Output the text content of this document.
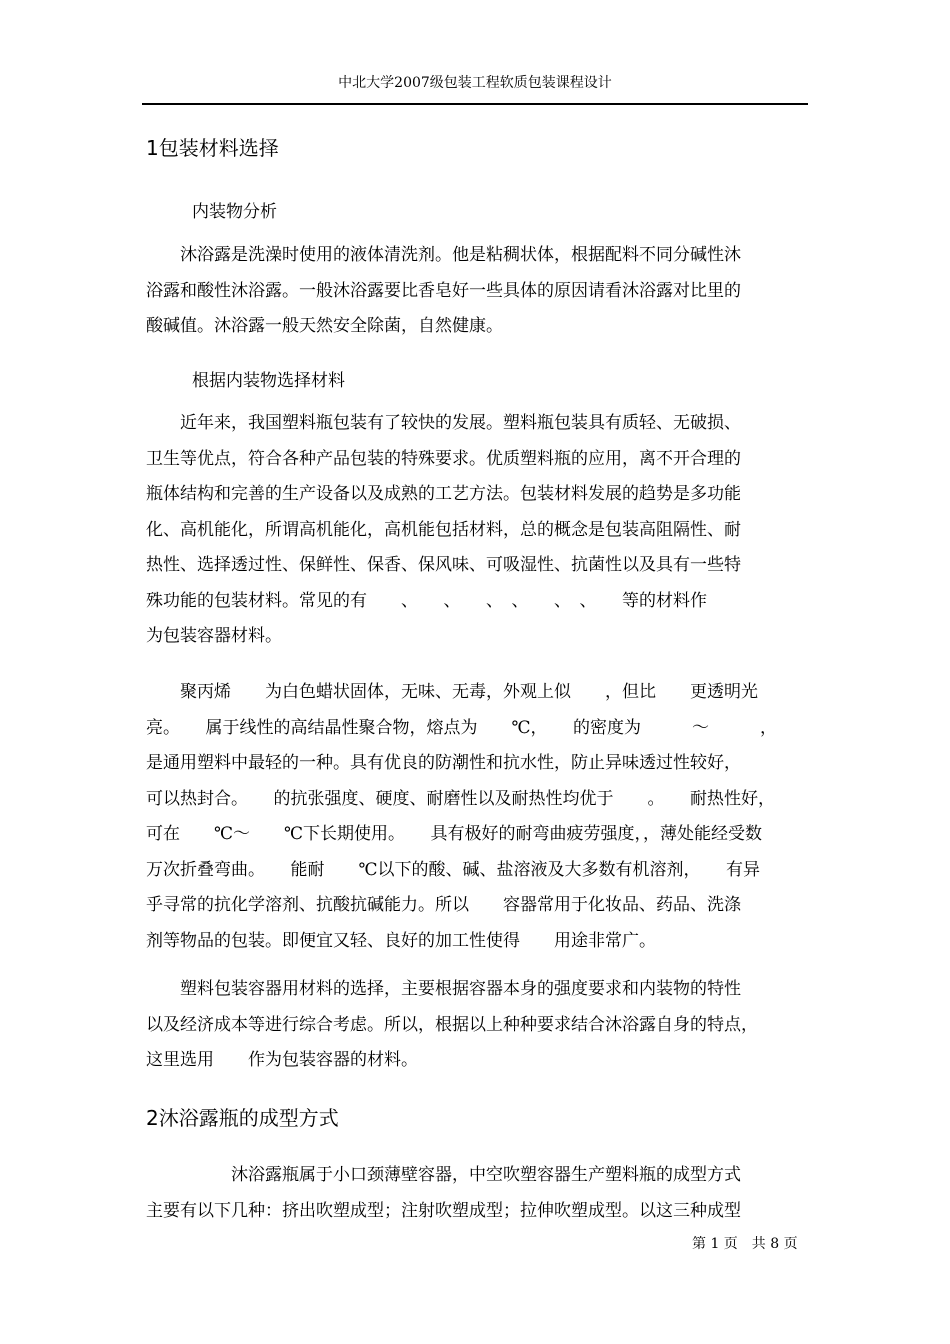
中北大学2007级包装工程软质包装课程设计
1包装材料选择
内装物分析
　　沐浴露是洗澡时使用的液体清洗剂。他是粘稠状体，根据配料不同分碱性沐
浴露和酸性沐浴露。一般沐浴露要比香皂好一些具体的原因请看沐浴露对比里的
酸碱值。沐浴露一般天然安全除菌，自然健康。
根据内装物选择材料
　　近年来，我国塑料瓶包装有了较快的发展。塑料瓶包装具有质轻、无破损、
卫生等优点，符合各种产品包装的特殊要求。优质塑料瓶的应用，离不开合理的
瓶体结构和完善的生产设备以及成熟的工艺方法。包装材料发展的趋势是多功能
化、高机能化，所谓高机能化，高机能包括材料，总的概念是包装高阻隔性、耐
热性、选择透过性、保鲜性、保香、保风味、可吸湿性、抗菌性以及具有一些特
殊功能的包装材料。常见的有　　、　　、　　、　、　　、　、　　等的材料作
为包装容器材料。
　　聚丙烯　　为白色蜡状固体，无味、无毒，外观上似　　，但比　　更透明光
亮。　　属于线性的高结晶性聚合物，熔点为　　℃，　　的密度为　　　～　　　，
是通用塑料中最轻的一种。具有优良的防潮性和抗水性，防止异味透过性较好，
可以热封合。　　的抗张强度、硬度、耐磨性以及耐热性均优于　　。　　耐热性好，
可在　　℃～　　℃下长期使用。　　具有极好的耐弯曲疲劳强度，，薄处能经受数
万次折叠弯曲。　　能耐　　℃以下的酸、碱、盐溶液及大多数有机溶剂，　　有异
乎寻常的抗化学溶剂、抗酸抗碱能力。所以　　容器常用于化妆品、药品、洗涤
剂等物品的包装。即便宜又轻、良好的加工性使得　　用途非常广。
　　塑料包装容器用材料的选择，主要根据容器本身的强度要求和内装物的特性
以及经济成本等进行综合考虑。所以，根据以上种种要求结合沐浴露自身的特点，
这里选用　　作为包装容器的材料。
2沐浴露瓶的成型方式
　　　　　沐浴露瓶属于小口颈薄壁容器，中空吹塑容器生产塑料瓶的成型方式
主要有以下几种：挤出吹塑成型；注射吹塑成型；拉伸吹塑成型。以这三种成型
第 1 页　共 8 页
